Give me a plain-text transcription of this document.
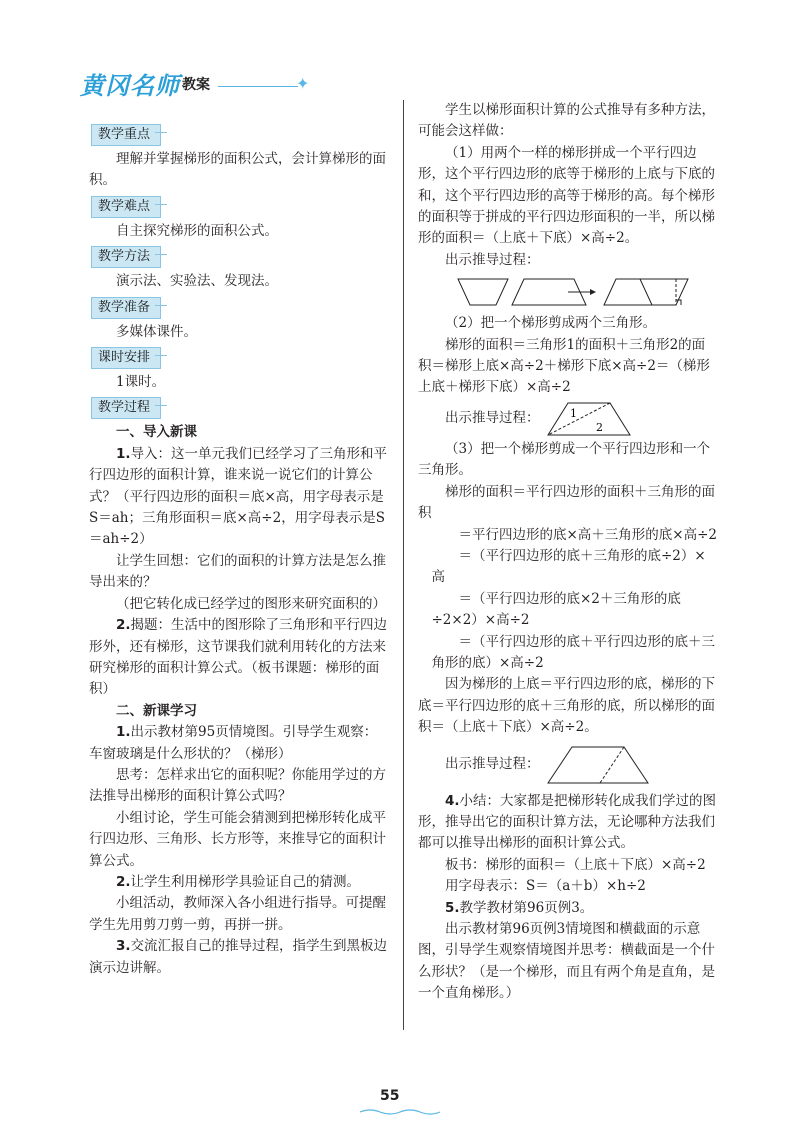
黄冈名师 教案	✦
教学重点

理解并掌握梯形的面积公式，会计算梯形的面积。

教学难点

自主探究梯形的面积公式。

教学方法

演示法、实验法、发现法。

教学准备

多媒体课件。

课时安排

1课时。

教学过程

一、导入新课

1.导入：这一单元我们已经学习了三角形和平行四边形的面积计算，谁来说一说它们的计算公式？（平行四边形的面积＝底×高，用字母表示是S＝ah；三角形面积＝底×高÷2，用字母表示是S＝ah÷2）

让学生回想：它们的面积的计算方法是怎么推导出来的？

（把它转化成已经学过的图形来研究面积的）

2.揭题：生活中的图形除了三角形和平行四边形外，还有梯形，这节课我们就利用转化的方法来研究梯形的面积计算公式。（板书课题：梯形的面积）

二、新课学习

1.出示教材第95页情境图。引导学生观察：车窗玻璃是什么形状的？（梯形）

思考：怎样求出它的面积呢？你能用学过的方法推导出梯形的面积计算公式吗？

小组讨论，学生可能会猜测到把梯形转化成平行四边形、三角形、长方形等，来推导它的面积计算公式。

2.让学生利用梯形学具验证自己的猜测。

小组活动，教师深入各小组进行指导。可提醒学生先用剪刀剪一剪，再拼一拼。

3.交流汇报自己的推导过程，指学生到黑板边演示边讲解。

学生以梯形面积计算的公式推导有多种方法，可能会这样做：

（1）用两个一样的梯形拼成一个平行四边形，这个平行四边形的底等于梯形的上底与下底的和，这个平行四边形的高等于梯形的高。每个梯形的面积等于拼成的平行四边形面积的一半，所以梯形的面积＝（上底＋下底）×高÷2。

出示推导过程：

（2）把一个梯形剪成两个三角形。

梯形的面积＝三角形1的面积＋三角形2的面积＝梯形上底×高÷2＋梯形下底×高÷2＝（梯形上底＋梯形下底）×高÷2

出示推导过程：	1
2

（3）把一个梯形剪成一个平行四边形和一个三角形。

梯形的面积＝平行四边形的面积＋三角形的面积

＝平行四边形的底×高＋三角形的底×高÷2

＝（平行四边形的底＋三角形的底÷2）×高

＝（平行四边形的底×2＋三角形的底÷2×2）×高÷2

＝（平行四边形的底＋平行四边形的底＋三角形的底）×高÷2

因为梯形的上底＝平行四边形的底，梯形的下底＝平行四边形的底＋三角形的底，所以梯形的面积＝（上底＋下底）×高÷2。

出示推导过程：

4.小结：大家都是把梯形转化成我们学过的图形，推导出它的面积计算方法，无论哪种方法我们都可以推导出梯形的面积计算公式。

板书：梯形的面积＝（上底＋下底）×高÷2

用字母表示：S＝（a＋b）×h÷2

5.教学教材第96页例3。

出示教材第96页例3情境图和横截面的示意图，引导学生观察情境图并思考：横截面是一个什么形状？（是一个梯形，而且有两个角是直角，是一个直角梯形。）

55
